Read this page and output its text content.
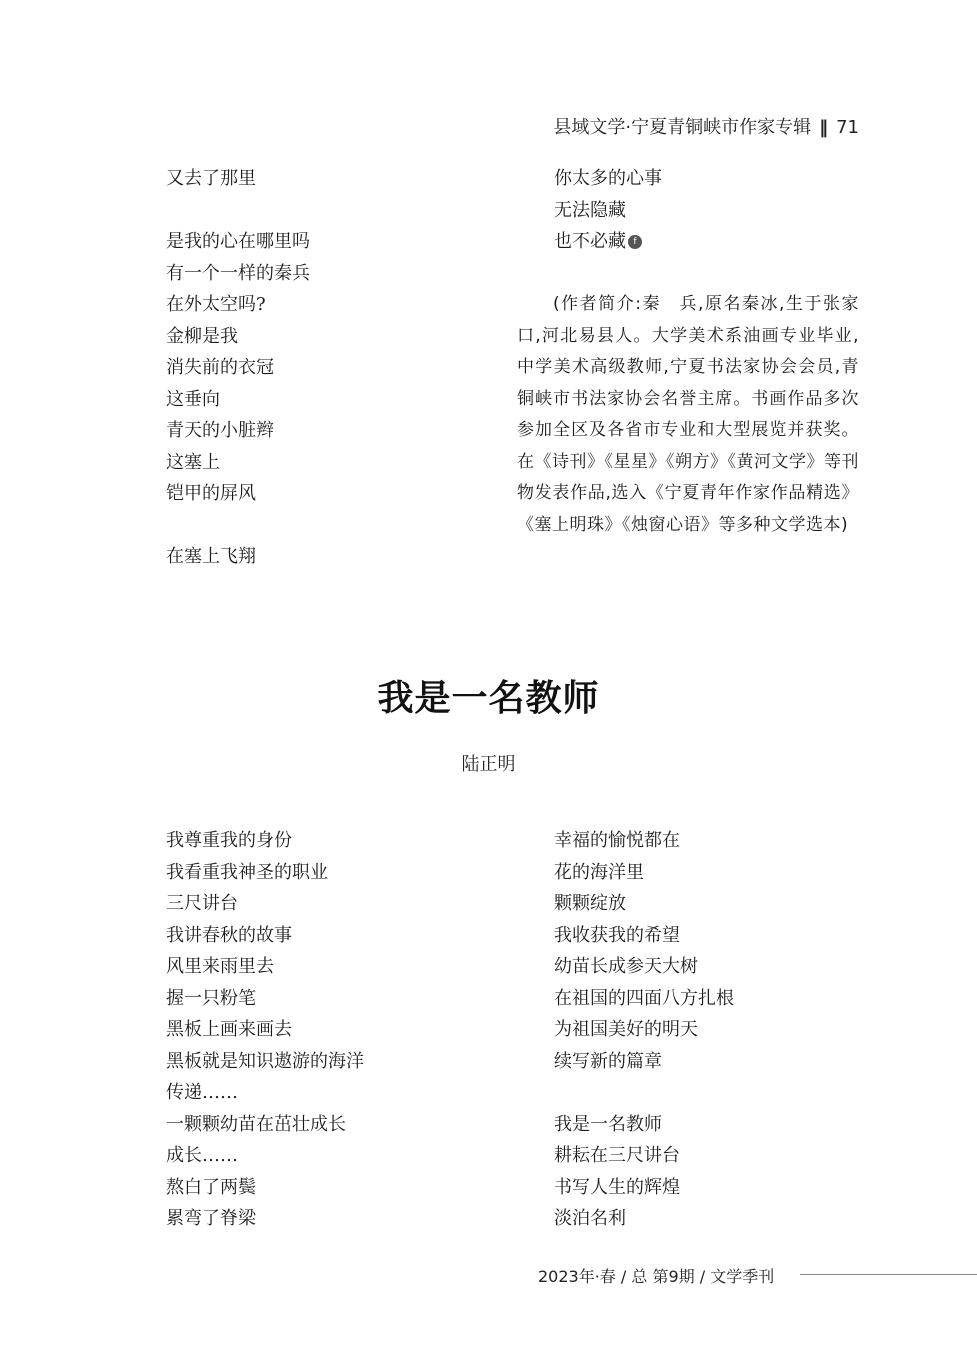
县域文学·宁夏青铜峡市作家专辑 ‖ 71
又去了那里
是我的心在哪里吗
有一个一样的秦兵
在外太空吗?
金柳是我
消失前的衣冠
这垂向
青天的小脏辫
这塞上
铠甲的屏风
在塞上飞翔
你太多的心事
无法隐藏
也不必藏 f
(作者简介:秦　兵,原名秦冰,生于张家口,河北易县人。大学美术系油画专业毕业,中学美术高级教师,宁夏书法家协会会员,青铜峡市书法家协会名誉主席。书画作品多次参加全区及各省市专业和大型展览并获奖。在《诗刊》《星星》《朔方》《黄河文学》等刊物发表作品,选入《宁夏青年作家作品精选》《塞上明珠》《烛窗心语》等多种文学选本)
我是一名教师
陆正明
我尊重我的身份
我看重我神圣的职业
三尺讲台
我讲春秋的故事
风里来雨里去
握一只粉笔
黑板上画来画去
黑板就是知识遨游的海洋
传递……
一颗颗幼苗在茁壮成长
成长……
熬白了两鬓
累弯了脊梁
幸福的愉悦都在
花的海洋里
颗颗绽放
我收获我的希望
幼苗长成参天大树
在祖国的四面八方扎根
为祖国美好的明天
续写新的篇章
我是一名教师
耕耘在三尺讲台
书写人生的辉煌
淡泊名利
2023年·春 / 总 第9期 / 文学季刊
